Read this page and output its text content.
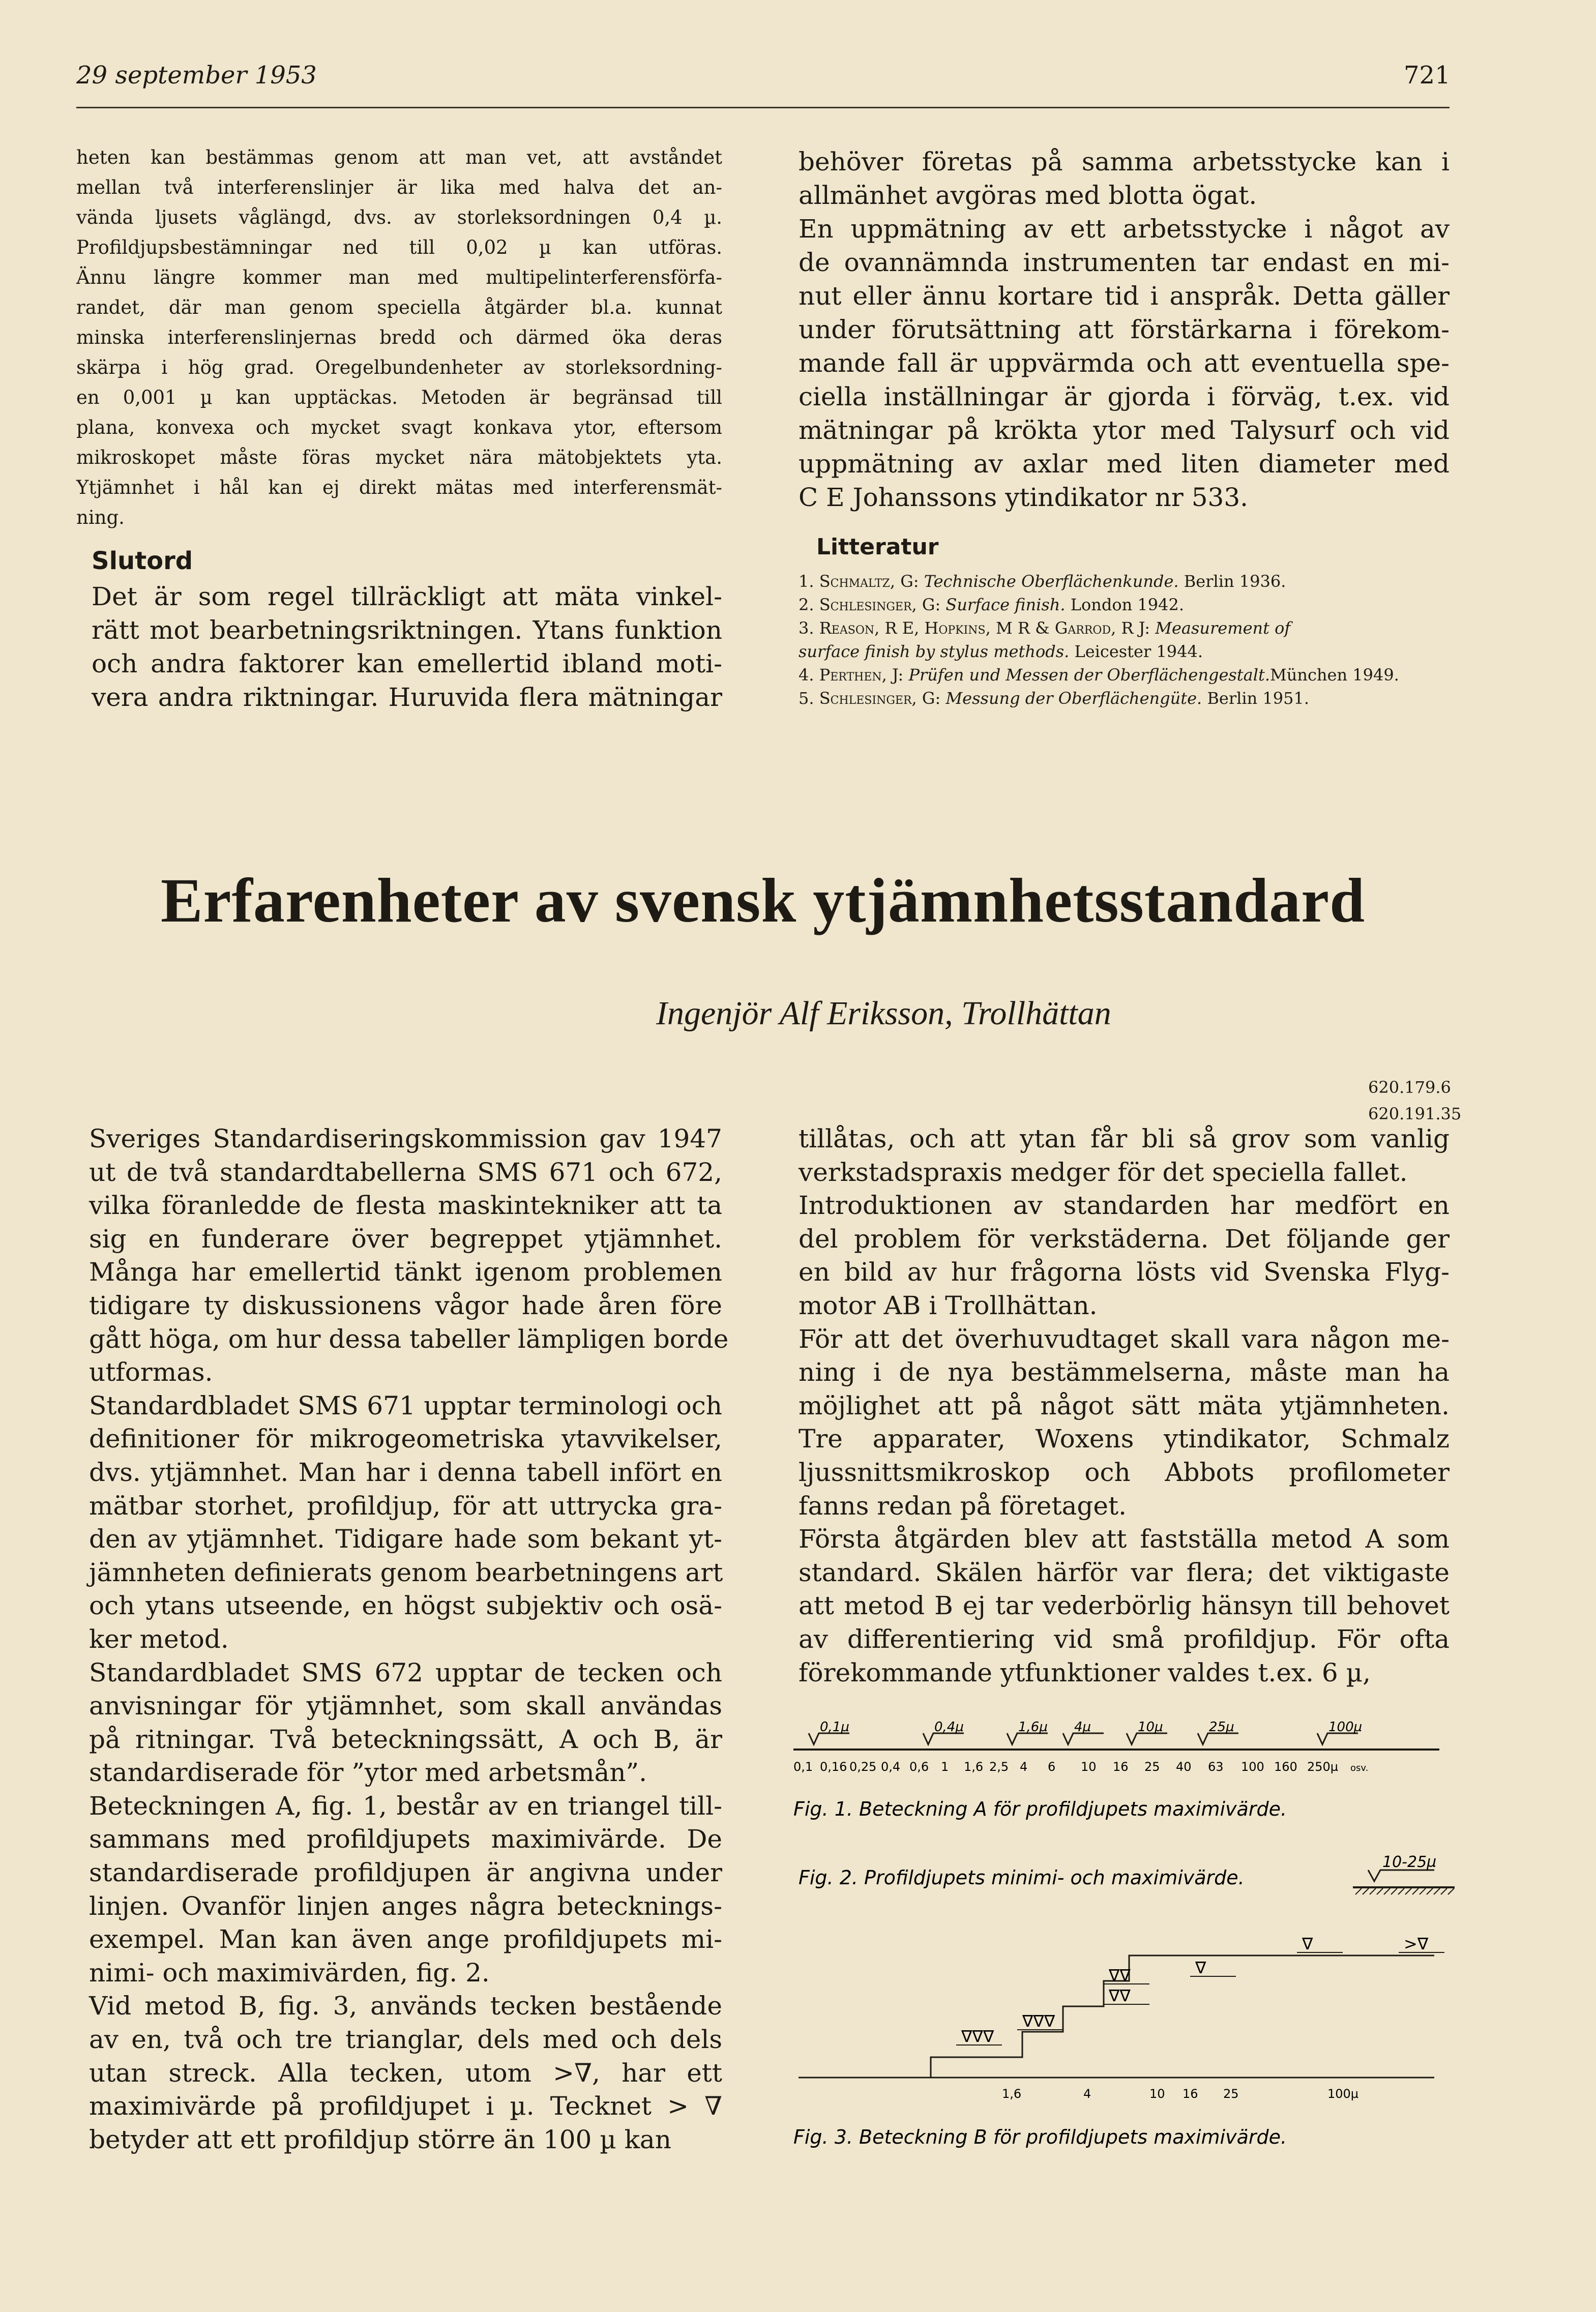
29 september 1953	721

heten kan bestämmas genom att man vet, att avståndet

mellan två interferenslinjer är lika med halva det an-

vända ljusets våglängd, dvs. av storleksordningen 0,4 µ.

Profildjupsbestämningar ned till 0,02 µ kan utföras.

Ännu längre kommer man med multipelinterferensförfa-

randet, där man genom speciella åtgärder bl.a. kunnat

minska interferenslinjernas bredd och därmed öka deras

skärpa i hög grad. Oregelbundenheter av storleksordning-

en 0,001 µ kan upptäckas. Metoden är begränsad till

plana, konvexa och mycket svagt konkava ytor, eftersom

mikroskopet måste föras mycket nära mätobjektets yta.

Ytjämnhet i hål kan ej direkt mätas med interferensmät-

ning.

Slutord
Det är som regel tillräckligt att mäta vinkel-
rätt mot bearbetningsriktningen. Ytans funktion
och andra faktorer kan emellertid ibland moti-
vera andra riktningar. Huruvida flera mätningar
behöver företas på samma arbetsstycke kan i
allmänhet avgöras med blotta ögat.
En uppmätning av ett arbetsstycke i något av
de ovannämnda instrumenten tar endast en mi-
nut eller ännu kortare tid i anspråk. Detta gäller
under förutsättning att förstärkarna i förekom-
mande fall är uppvärmda och att eventuella spe-
ciella inställningar är gjorda i förväg, t.ex. vid
mätningar på krökta ytor med Talysurf och vid
uppmätning av axlar med liten diameter med
C E Johanssons ytindikator nr 533.
Litteratur
1. Schmaltz, G: Technische Oberflächenkunde. Berlin 1936.
2. Schlesinger, G: Surface finish. London 1942.
3. Reason, R E, Hopkins, M R & Garrod, R J: Measurement of
surface finish by stylus methods. Leicester 1944.
4. Perthen, J: Prüfen und Messen der Oberflächengestalt.München 1949.
5. Schlesinger, G: Messung der Oberflächengüte. Berlin 1951.
Erfarenheter av svensk ytjämnhetsstandard
Ingenjör Alf Eriksson, Trollhättan
620.179.6
620.191.35
Sveriges Standardiseringskommission gav 1947
ut de två standardtabellerna SMS 671 och 672,
vilka föranledde de flesta maskintekniker att ta
sig en funderare över begreppet ytjämnhet.
Många har emellertid tänkt igenom problemen
tidigare ty diskussionens vågor hade åren före
gått höga, om hur dessa tabeller lämpligen borde
utformas.
Standardbladet SMS 671 upptar terminologi och
definitioner för mikrogeometriska ytavvikelser,
dvs. ytjämnhet. Man har i denna tabell infört en
mätbar storhet, profildjup, för att uttrycka gra-
den av ytjämnhet. Tidigare hade som bekant yt-
jämnheten definierats genom bearbetningens art
och ytans utseende, en högst subjektiv och osä-
ker metod.
Standardbladet SMS 672 upptar de tecken och
anvisningar för ytjämnhet, som skall användas
på ritningar. Två beteckningssätt, A och B, är
standardiserade för ”ytor med arbetsmån”.
Beteckningen A, fig. 1, består av en triangel till-
sammans med profildjupets maximivärde. De
standardiserade profildjupen är angivna under
linjen. Ovanför linjen anges några betecknings-
exempel. Man kan även ange profildjupets mi-
nimi- och maximivärden, fig. 2.
Vid metod B, fig. 3, används tecken bestående
av en, två och tre trianglar, dels med och dels
utan streck. Alla tecken, utom >∇, har ett
maximivärde på profildjupet i µ. Tecknet > ∇
betyder att ett profildjup större än 100 µ kan
tillåtas, och att ytan får bli så grov som vanlig
verkstadspraxis medger för det speciella fallet.
Introduktionen av standarden har medfört en
del problem för verkstäderna. Det följande ger
en bild av hur frågorna lösts vid Svenska Flyg-
motor AB i Trollhättan.
För att det överhuvudtaget skall vara någon me-
ning i de nya bestämmelserna, måste man ha
möjlighet att på något sätt mäta ytjämnheten.
Tre apparater, Woxens ytindikator, Schmalz
ljussnittsmikroskop och Abbots profilometer
fanns redan på företaget.
Första åtgärden blev att fastställa metod A som
standard. Skälen härför var flera; det viktigaste
att metod B ej tar vederbörlig hänsyn till behovet
av differentiering vid små profildjup. För ofta
förekommande ytfunktioner valdes t.ex. 6 µ,
0,1µ	0,4µ	1,6µ 4µ	10µ	25µ	100µ
0,1 0,16 0,25 0,4 0,6 1 1,6 2,5 4 6 10 16 25 40 63 100 160 250µ osv.
Fig. 1. Beteckning A för profildjupets maximivärde.
Fig. 2. Profildjupets minimi- och maximivärde.
10-25µ
∇∇∇
∇∇∇
∇∇
∇∇	∇
∇	>∇
1,6	4	10 16 25	100µ
Fig. 3. Beteckning B för profildjupets maximivärde.
